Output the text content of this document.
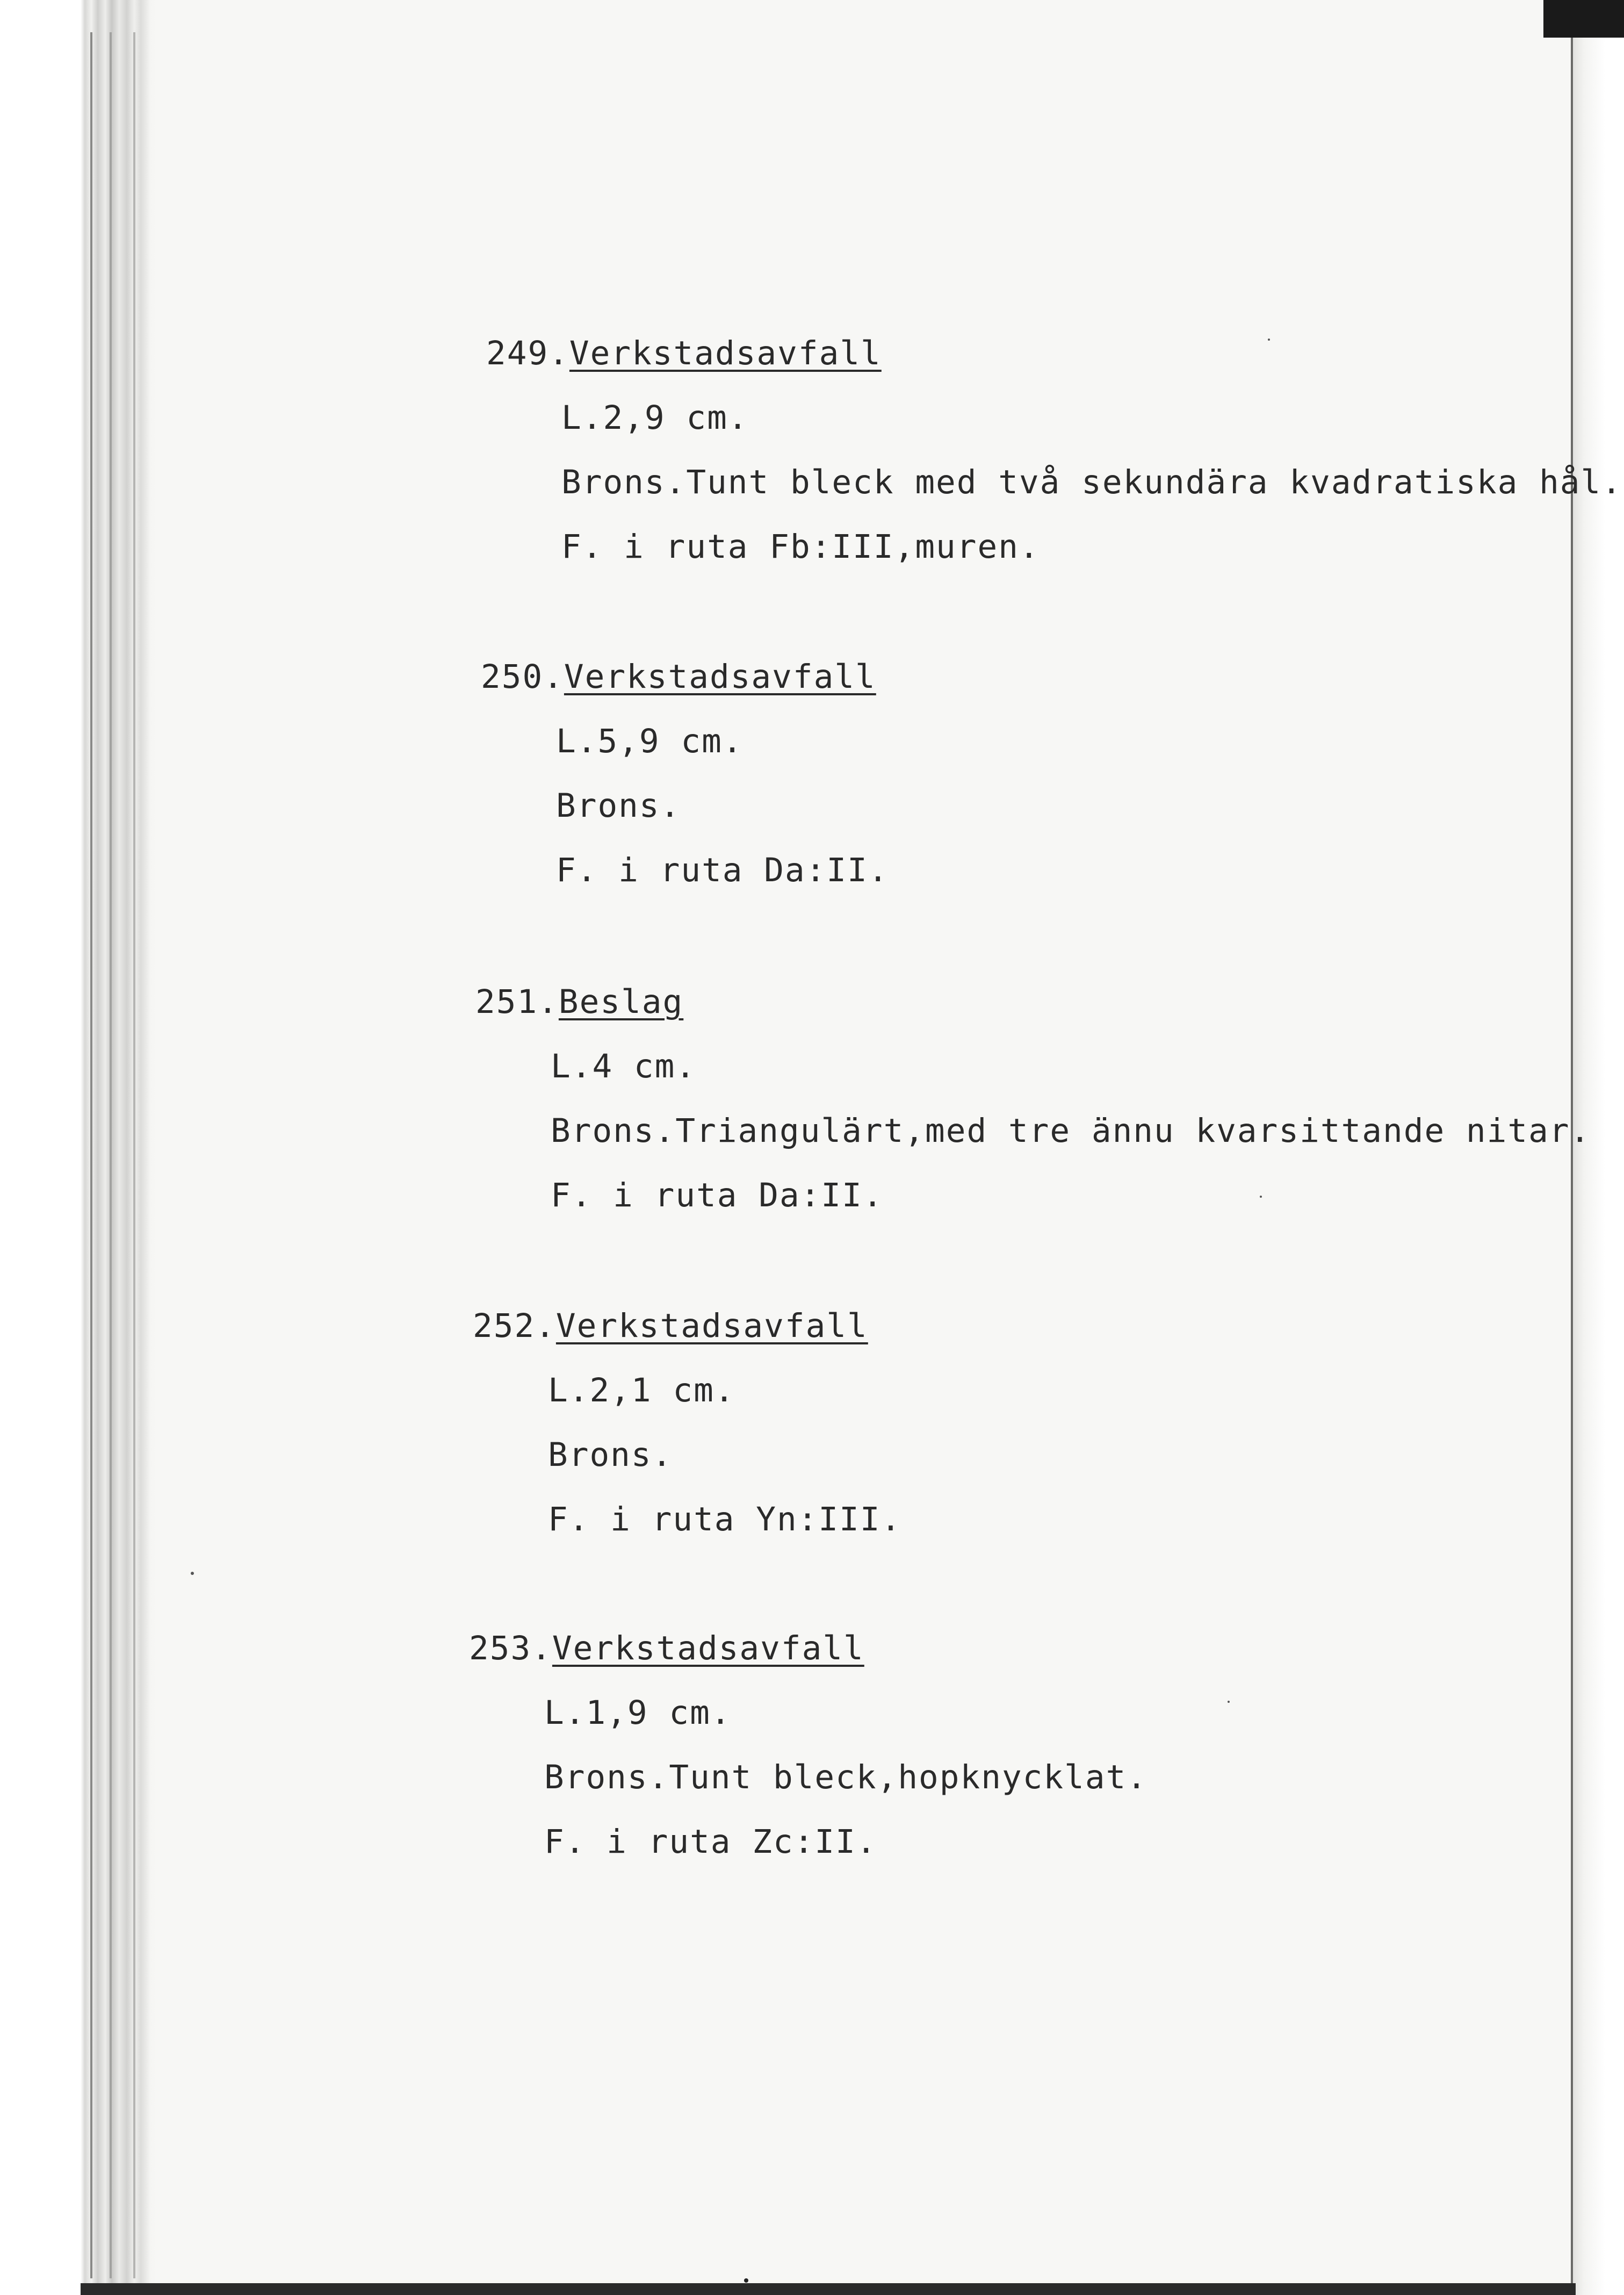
249.Verkstadsavfall
L.2,9 cm.
Brons.Tunt bleck med två sekundära kvadratiska hål.
F. i ruta Fb:III,muren.
250.Verkstadsavfall
L.5,9 cm.
Brons.
F. i ruta Da:II.
251.Beslag
L.4 cm.
Brons.Triangulärt,med tre ännu kvarsittande nitar.
F. i ruta Da:II.
252.Verkstadsavfall
L.2,1 cm.
Brons.
F. i ruta Yn:III.
253.Verkstadsavfall
L.1,9 cm.
Brons.Tunt bleck,hopknycklat.
F. i ruta Zc:II.
